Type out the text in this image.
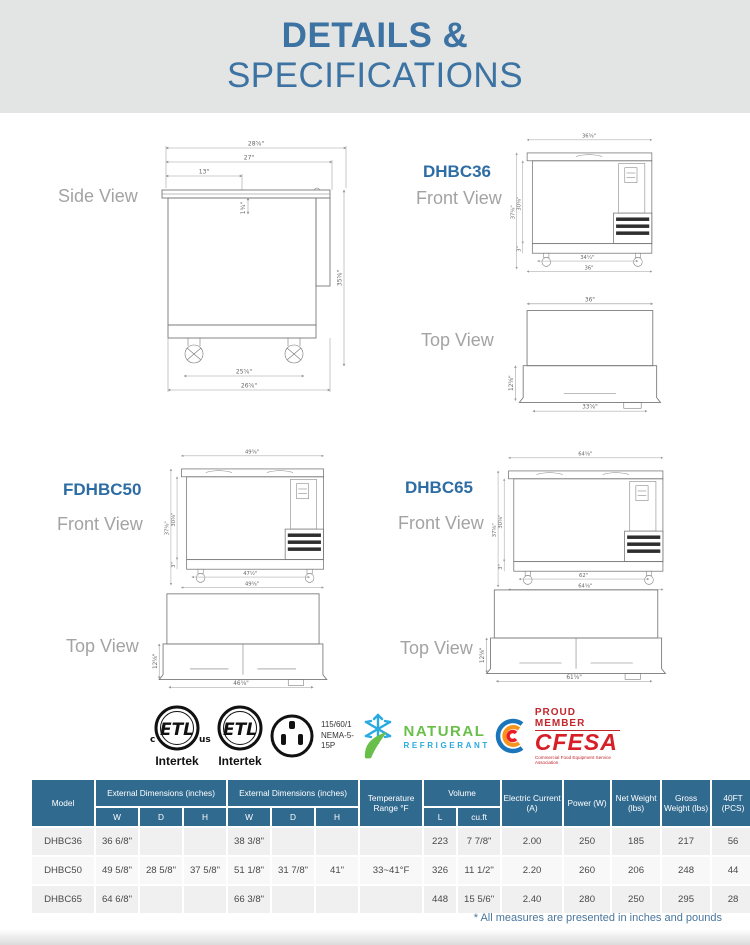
DETAILS &
SPECIFICATIONS
Side View
28⅝"
27"
13"
1¾"
35⅝"
25⅝"
26⅝"
DHBC36
Front View
36⅝"
37⅝"
30⅝"
3"
34¼"
36"
Top View
36"
12⅝"
33⅝"
FDHBC50
Front View
49⅝"
37⅝"
30⅝"
3"
47½"
49⅝"
Top View
12⅝"
46⅝"
DHBC65
Front View
64⅝"
37⅝"
30⅝"
3"
62"
64⅝"
Top View 12⅝"
61⅝"
ETL
c	us
Intertek
ETL
Intertek
115/60/1
NEMA-5-15P
NATURAL
REFRIGERANT
PROUD MEMBER
CFESA
Commercial Food Equipment Service Association
Model	External Dimensions (inches)			External Dimensions (inches)			Temperature Range °F	Volume		Electric Current (A)	Power (W)	Net Weight (lbs)	Gross Weight (lbs)	40FT (PCS)
	W	D	H	W	D	H		L	cu.ft					
DHBC36	36 6/8"			38 3/8"				223	7 7/8"	2.00	250	185	217	56
DHBC50	49 5/8"	28 5/8"	37 5/8"	51 1/8"	31 7/8"	41"	33~41°F	326	11 1/2"	2.20	260	206	248	44
DHBC65	64 6/8"			66 3/8"				448	15 5/6"	2.40	280	250	295	28
* All measures are presented in inches and pounds
